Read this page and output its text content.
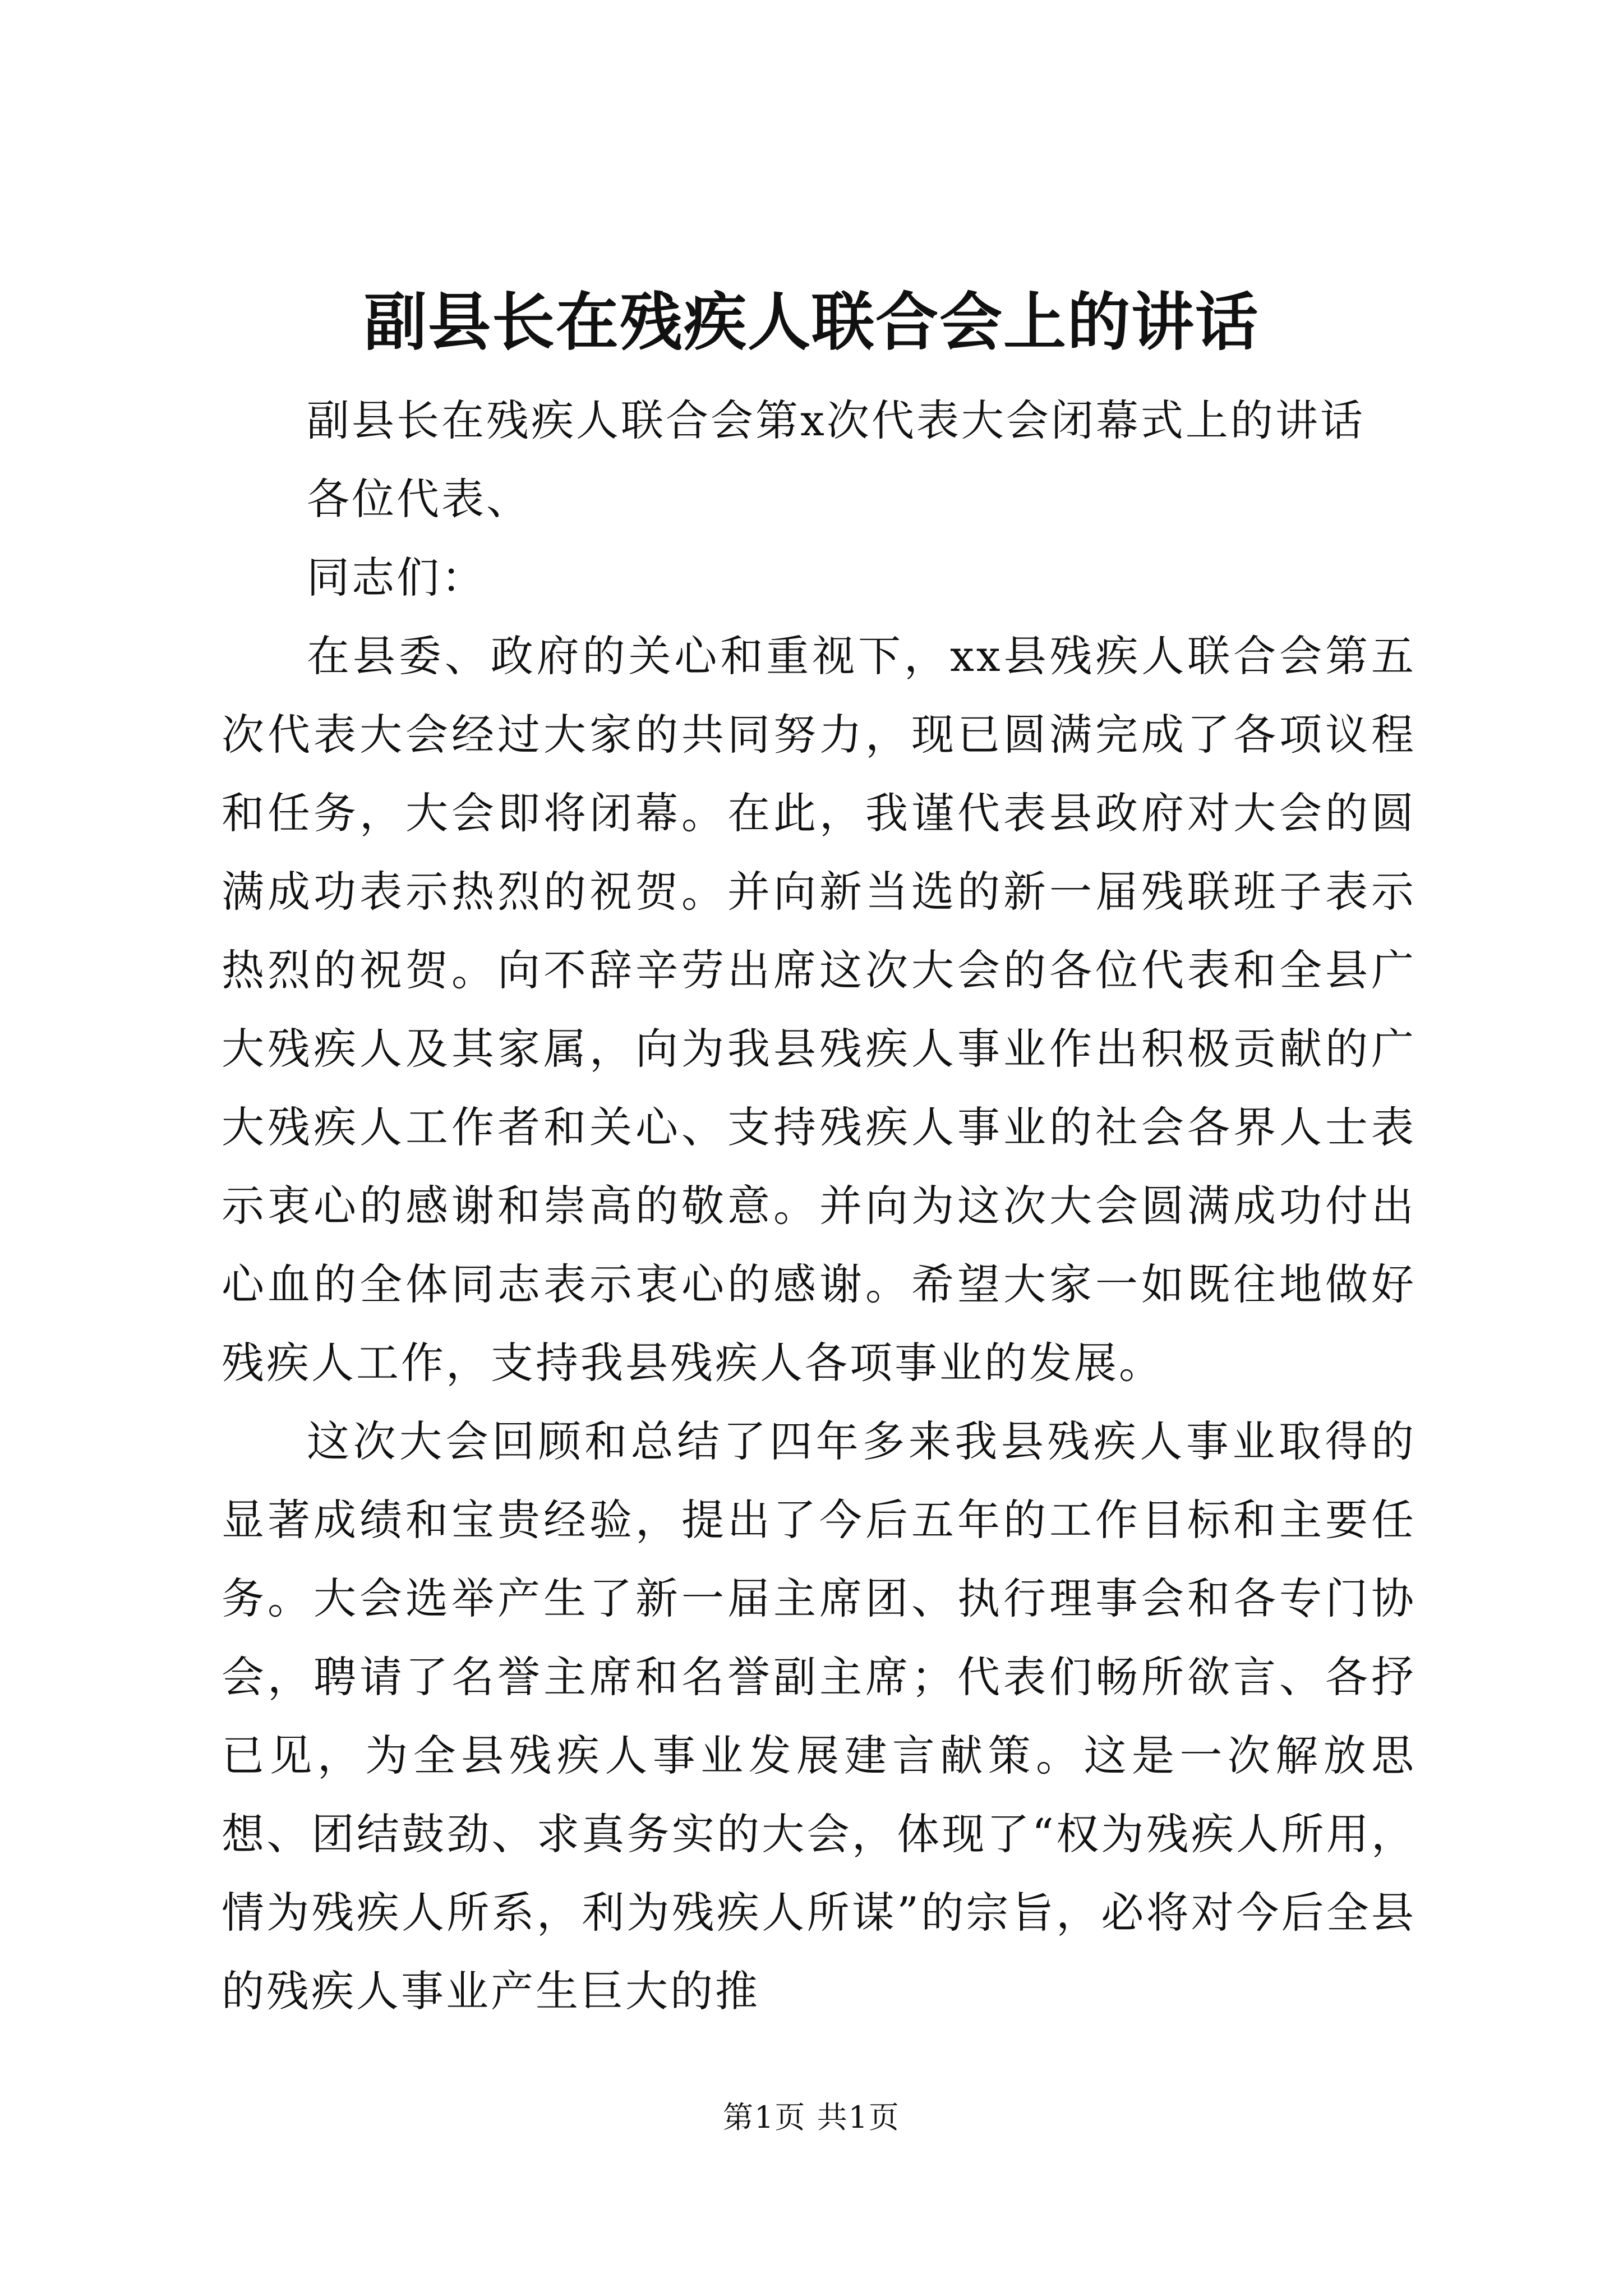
副县长在残疾人联合会上的讲话

副县长在残疾人联合会第x次代表大会闭幕式上的讲话

各位代表、

同志们：

在县委、政府的关心和重视下，xx县残疾人联合会第五次代表大会经过大家的共同努力，现已圆满完成了各项议程和任务，大会即将闭幕。在此，我谨代表县政府对大会的圆满成功表示热烈的祝贺。并向新当选的新一届残联班子表示热烈的祝贺。向不辞辛劳出席这次大会的各位代表和全县广大残疾人及其家属，向为我县残疾人事业作出积极贡献的广大残疾人工作者和关心、支持残疾人事业的社会各界人士表示衷心的感谢和崇高的敬意。并向为这次大会圆满成功付出心血的全体同志表示衷心的感谢。希望大家一如既往地做好残疾人工作，支持我县残疾人各项事业的发展。

这次大会回顾和总结了四年多来我县残疾人事业取得的显著成绩和宝贵经验，提出了今后五年的工作目标和主要任务。大会选举产生了新一届主席团、执行理事会和各专门协会，聘请了名誉主席和名誉副主席；代表们畅所欲言、各抒已见，为全县残疾人事业发展建言献策。这是一次解放思想、团结鼓劲、求真务实的大会，体现了“权为残疾人所用，情为残疾人所系，利为残疾人所谋”的宗旨，必将对今后全县的残疾人事业产生巨大的推

第1页 共1页
